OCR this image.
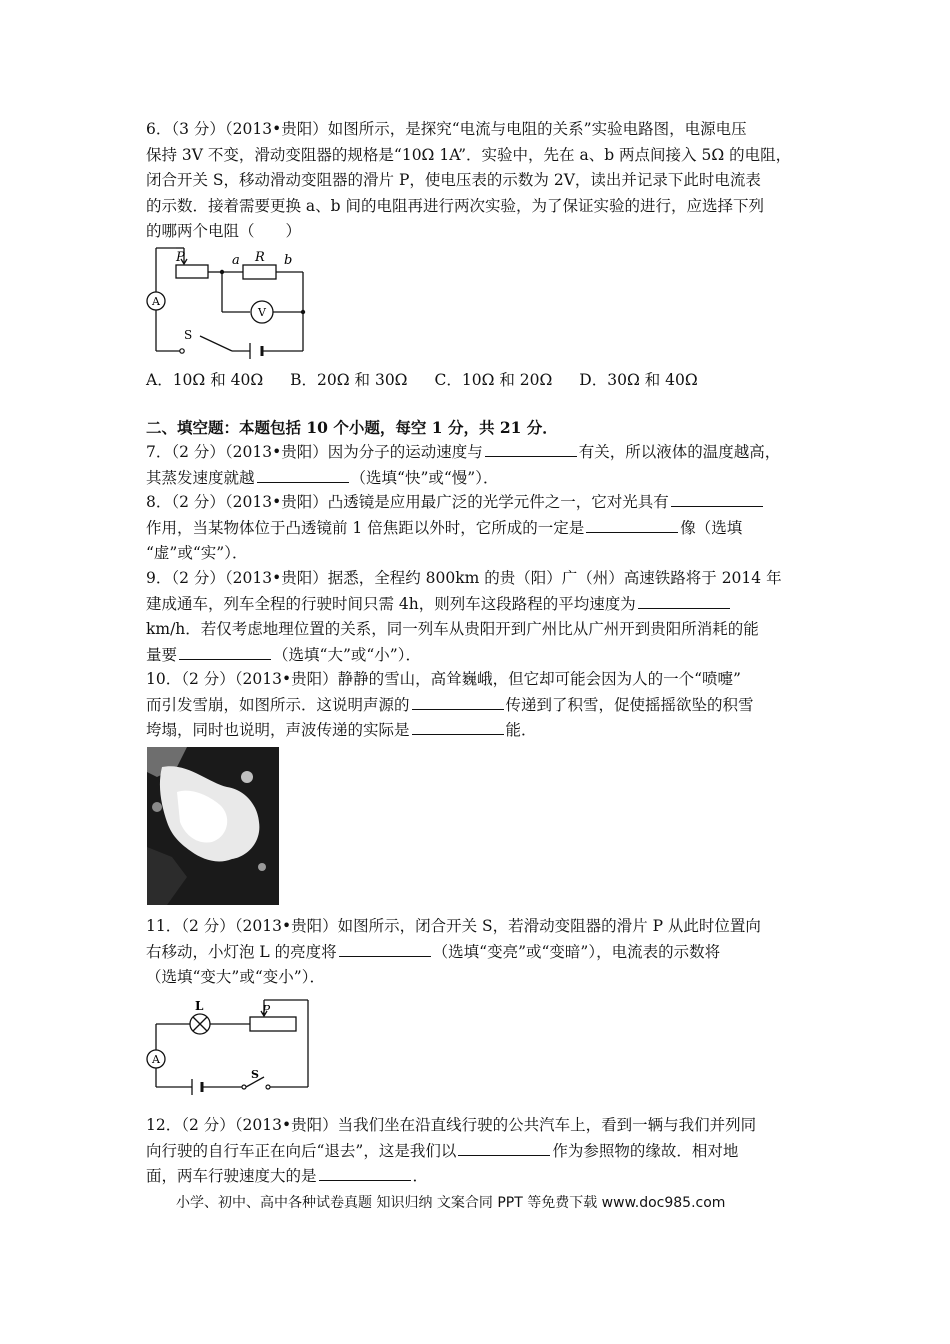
6．（3 分）（2013•贵阳）如图所示，是探究“电流与电阻的关系”实验电路图，电源电压
保持 3V 不变，滑动变阻器的规格是“10Ω 1A”．实验中，先在 a、b 两点间接入 5Ω 的电阻，
闭合开关 S，移动滑动变阻器的滑片 P，使电压表的示数为 2V，读出并记录下此时电流表
的示数．接着需要更换 a、b 间的电阻再进行两次实验，为了保证实验的进行，应选择下列
的哪两个电阻（　　）
P	a R b
A
V
S
A．10Ω 和 40Ω B．20Ω 和 30Ω C．10Ω 和 20Ω D．30Ω 和 40Ω
二、填空题：本题包括 10 个小题，每空 1 分，共 21 分．
7．（2 分）（2013•贵阳）因为分子的运动速度与	有关，所以液体的温度越高，
其蒸发速度就越	（选填“快”或“慢”）．
8．（2 分）（2013•贵阳）凸透镜是应用最广泛的光学元件之一，它对光具有
作用，当某物体位于凸透镜前 1 倍焦距以外时，它所成的一定是	像（选填
“虚”或“实”）．
9．（2 分）（2013•贵阳）据悉，全程约 800km 的贵（阳）广（州）高速铁路将于 2014 年
建成通车，列车全程的行驶时间只需 4h，则列车这段路程的平均速度为
km/h．若仅考虑地理位置的关系，同一列车从贵阳开到广州比从广州开到贵阳所消耗的能
量要	（选填“大”或“小”）．
10．（2 分）（2013•贵阳）静静的雪山，高耸巍峨，但它却可能会因为人的一个“喷嚏”
而引发雪崩，如图所示．这说明声源的	传递到了积雪，促使摇摇欲坠的积雪
垮塌，同时也说明，声波传递的实际是	能．
11．（2 分）（2013•贵阳）如图所示，闭合开关 S，若滑动变阻器的滑片 P 从此时位置向
右移动，小灯泡 L 的亮度将	（选填“变亮”或“变暗”），电流表的示数将
（选填“变大”或“变小”）．
L	P
A
S
12．（2 分）（2013•贵阳）当我们坐在沿直线行驶的公共汽车上，看到一辆与我们并列同
向行驶的自行车正在向后“退去”，这是我们以	作为参照物的缘故．相对地
面，两车行驶速度大的是	．
小学、初中、高中各种试卷真题 知识归纳 文案合同 PPT 等免费下载 www.doc985.com
